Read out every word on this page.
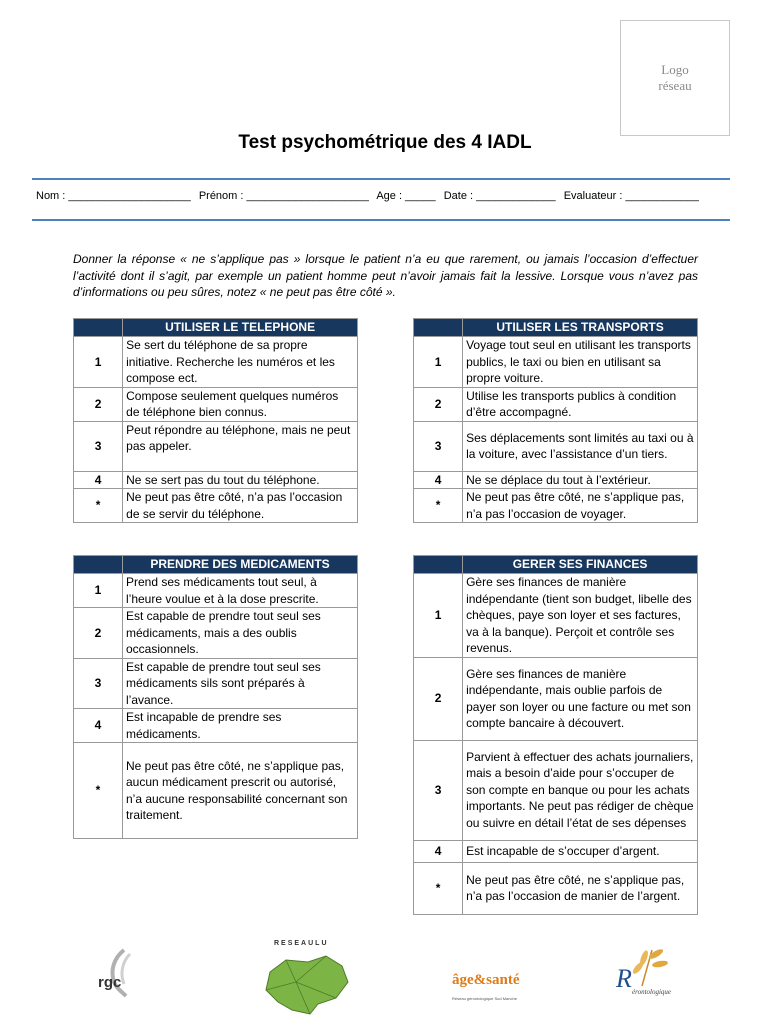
Logo
réseau
Test psychométrique des 4 IADL
Nom : ____________________ Prénom : ____________________ Age : _____ Date : _____________ Evaluateur : ____________
Donner la réponse « ne s’applique pas » lorsque le patient n’a eu que rarement, ou jamais l’occasion d’effectuer l’activité dont il s’agit, par exemple un patient homme peut n’avoir jamais fait la lessive. Lorsque vous n’avez pas d’informations ou peu sûres, notez « ne peut pas être côté ».
	UTILISER LE TELEPHONE
1	Se sert du téléphone de sa propre initiative. Recherche les numéros et les compose ect.
2	Compose seulement quelques numéros de téléphone bien connus.
3	Peut répondre au téléphone, mais ne peut pas appeler.
4	Ne se sert pas du tout du téléphone.
*	Ne peut pas être côté, n’a pas l’occasion de se servir du téléphone.
	UTILISER LES TRANSPORTS
1	Voyage tout seul en utilisant les transports publics, le taxi ou bien en utilisant sa propre voiture.
2	Utilise les transports publics à condition d’être accompagné.
3	Ses déplacements sont limités au taxi ou à la voiture, avec l’assistance d’un tiers.
4	Ne se déplace du tout à l’extérieur.
*	Ne peut pas être côté, ne s’applique pas, n’a pas l’occasion de voyager.
	PRENDRE DES MEDICAMENTS
1	Prend ses médicaments tout seul, à l’heure voulue et à la dose prescrite.
2	Est capable de prendre tout seul ses médicaments, mais a des oublis occasionnels.
3	Est capable de prendre tout seul ses médicaments sils sont préparés à l’avance.
4	Est incapable de prendre ses médicaments.
*	Ne peut pas être côté, ne s’applique pas, aucun médicament prescrit ou autorisé, n’a aucune responsabilité concernant son traitement.
	GERER SES FINANCES
1	Gère ses finances de manière indépendante (tient son budget, libelle des chèques, paye son loyer et ses factures, va à la banque). Perçoit et contrôle ses revenus.
2	Gère ses finances de manière indépendante, mais oublie parfois de payer son loyer ou une facture ou met son compte bancaire à découvert.
3	Parvient à effectuer des achats journaliers, mais a besoin d’aide pour s’occuper de son compte en banque ou pour les achats importants. Ne peut pas rédiger de chèque ou suivre en détail l’état de ses dépenses
4	Est incapable de s’occuper d’argent.
*	Ne peut pas être côté, ne s’applique pas, n’a pas l’occasion de manier de l’argent.
rgc
RESEAULU
âge&santé
Réseau gérontologique Sud Manche
R érontologique
